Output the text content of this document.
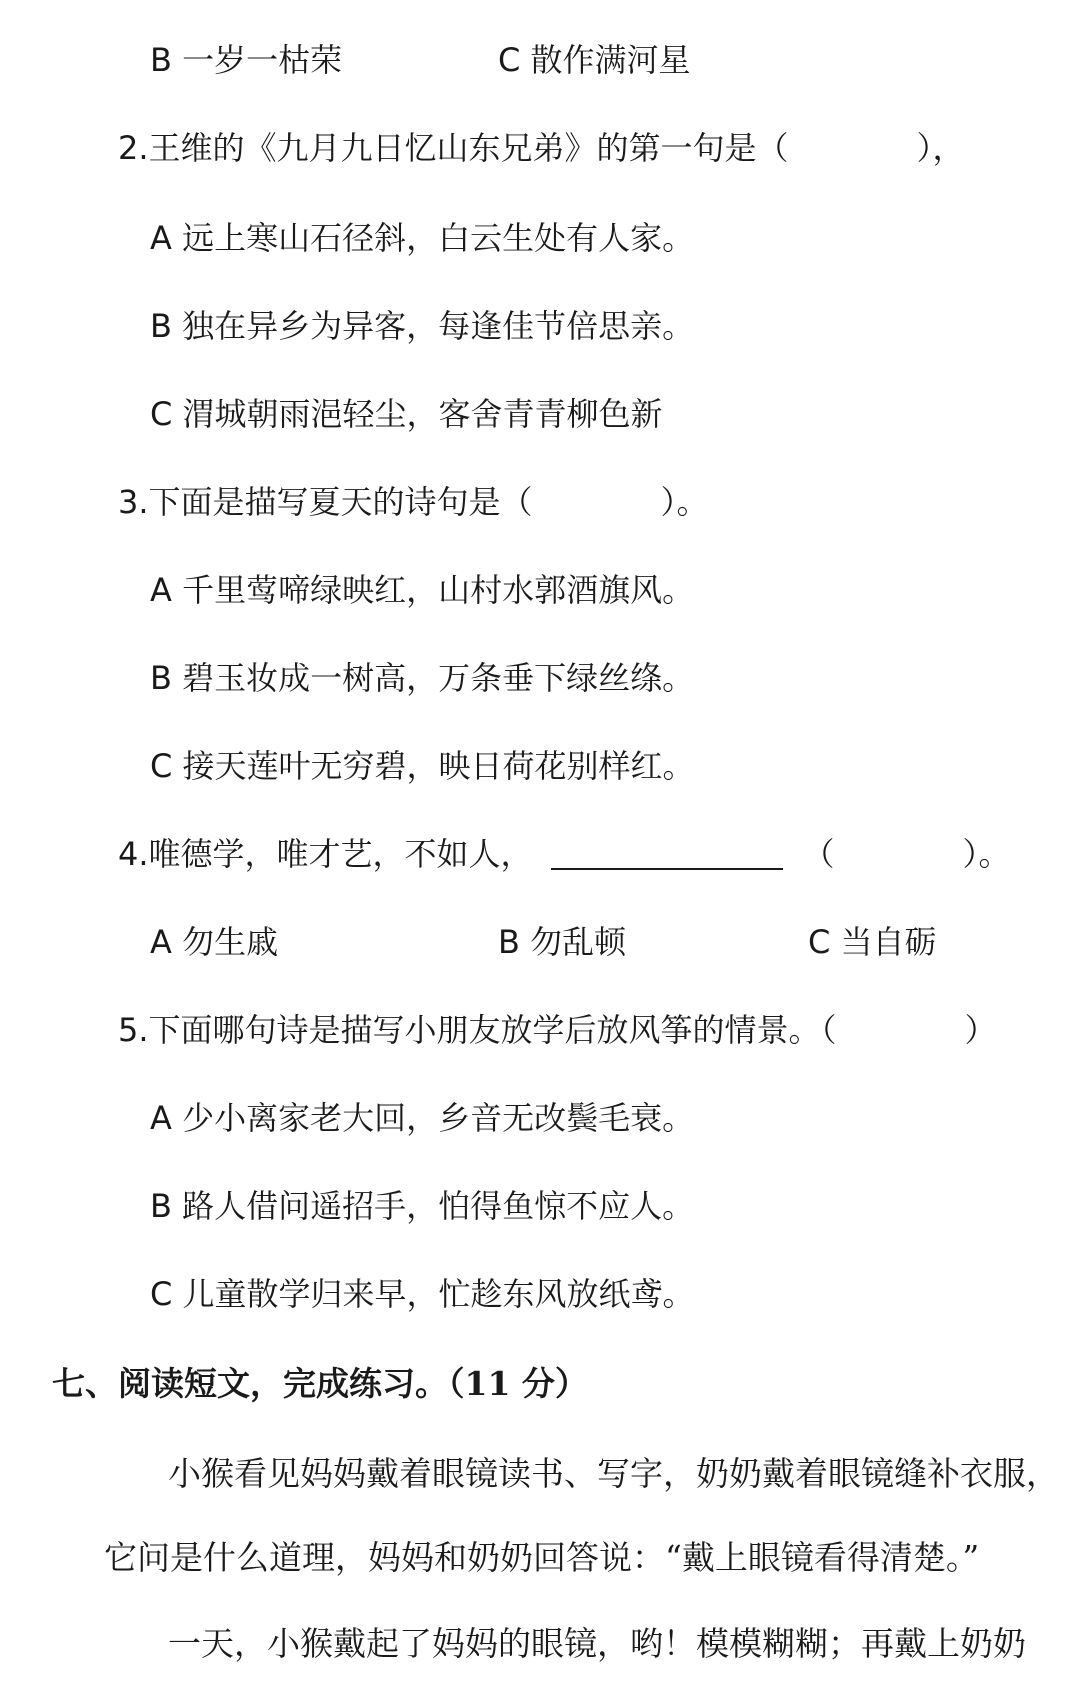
B 一岁一枯荣	C 散作满河星
2.王维的《九月九日忆山东兄弟》的第一句是（　　　　），
A 远上寒山石径斜，白云生处有人家。
B 独在异乡为异客，每逢佳节倍思亲。
C 渭城朝雨浥轻尘，客舍青青柳色新
3.下面是描写夏天的诗句是（　　　　）。
A 千里莺啼绿映红，山村水郭酒旗风。
B 碧玉妆成一树高，万条垂下绿丝绦。
C 接天莲叶无穷碧，映日荷花别样红。
4.唯德学，唯才艺，不如人，	（　　　　）。
A 勿生戚	B 勿乱顿	C 当自砺
5.下面哪句诗是描写小朋友放学后放风筝的情景。（　　　　）
A 少小离家老大回，乡音无改鬓毛衰。
B 路人借问遥招手，怕得鱼惊不应人。
C 儿童散学归来早，忙趁东风放纸鸢。
七、阅读短文，完成练习。（11 分）
小猴看见妈妈戴着眼镜读书、写字，奶奶戴着眼镜缝补衣服，
它问是什么道理，妈妈和奶奶回答说：“戴上眼镜看得清楚。”
一天，小猴戴起了妈妈的眼镜，哟！模模糊糊；再戴上奶奶
